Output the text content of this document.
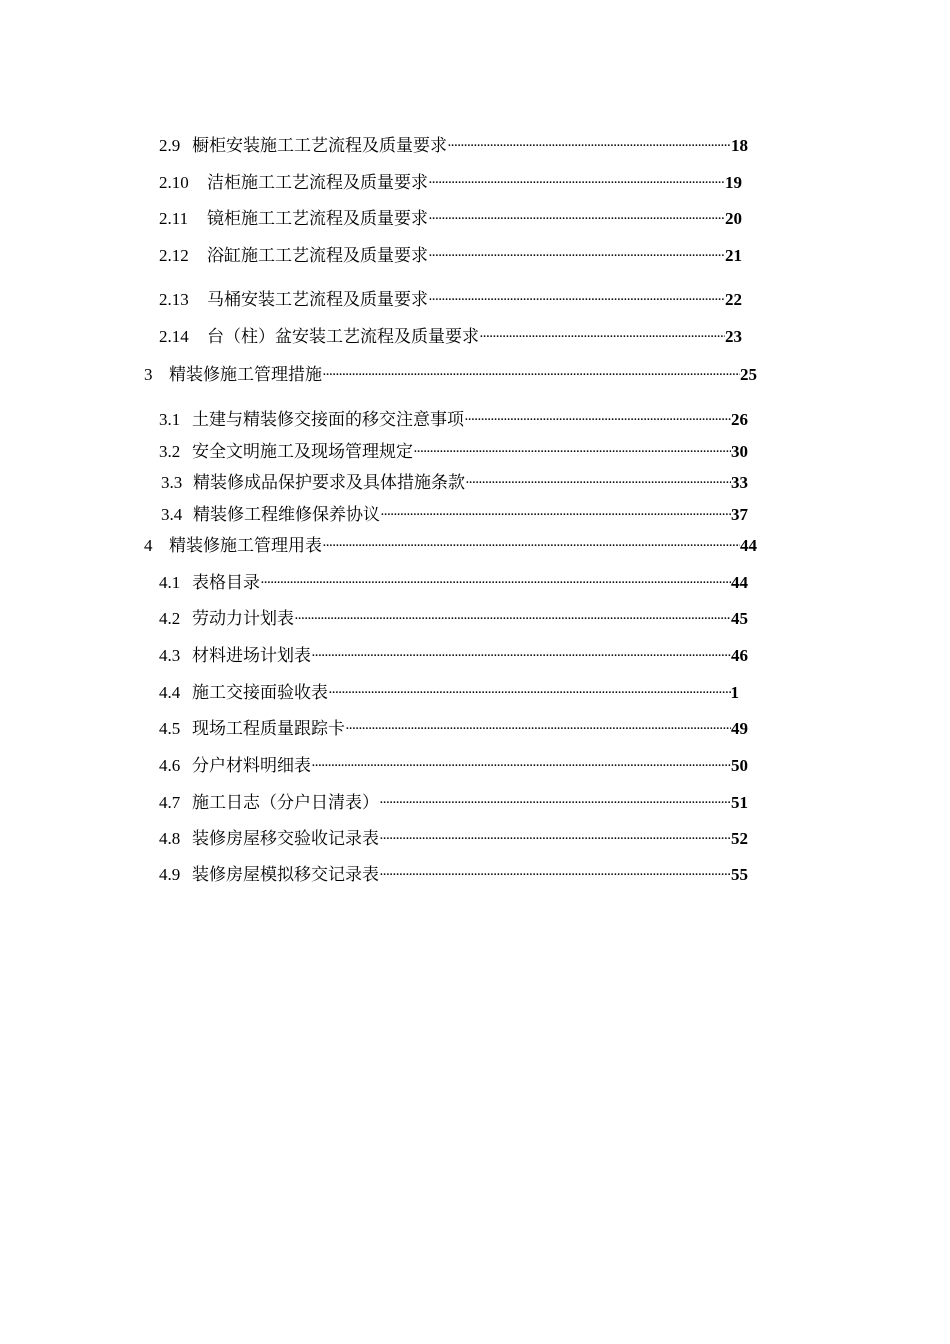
2.9 橱柜安装施工工艺流程及质量要求 .....	18
2.10	洁柜施工工艺流程及质量要求 .....	19
2.11	镜柜施工工艺流程及质量要求 .....	20
2.12	浴缸施工工艺流程及质量要求 .....	21
2.13	马桶安装工艺流程及质量要求 .....	22
2.14	台（柱）盆安装工艺流程及质量要求 .....	23
3 精装修施工管理措施 .....	25
3.1 土建与精装修交接面的移交注意事项 .....	26
3.2 安全文明施工及现场管理规定 .....	30
3.3 精装修成品保护要求及具体措施条款 .....	33
3.4 精装修工程维修保养协议 .....	37
4 精装修施工管理用表 .....	44
4.1 表格目录 .....	44
4.2 劳动力计划表 .....	45
4.3 材料进场计划表 .....	46
4.4 施工交接面验收表 .....	1
4.5 现场工程质量跟踪卡 .....	49
4.6 分户材料明细表 .....	50
4.7 施工日志（分户日清表） .....	51
4.8 装修房屋移交验收记录表 .....	52
4.9 装修房屋模拟移交记录表 .....	55
